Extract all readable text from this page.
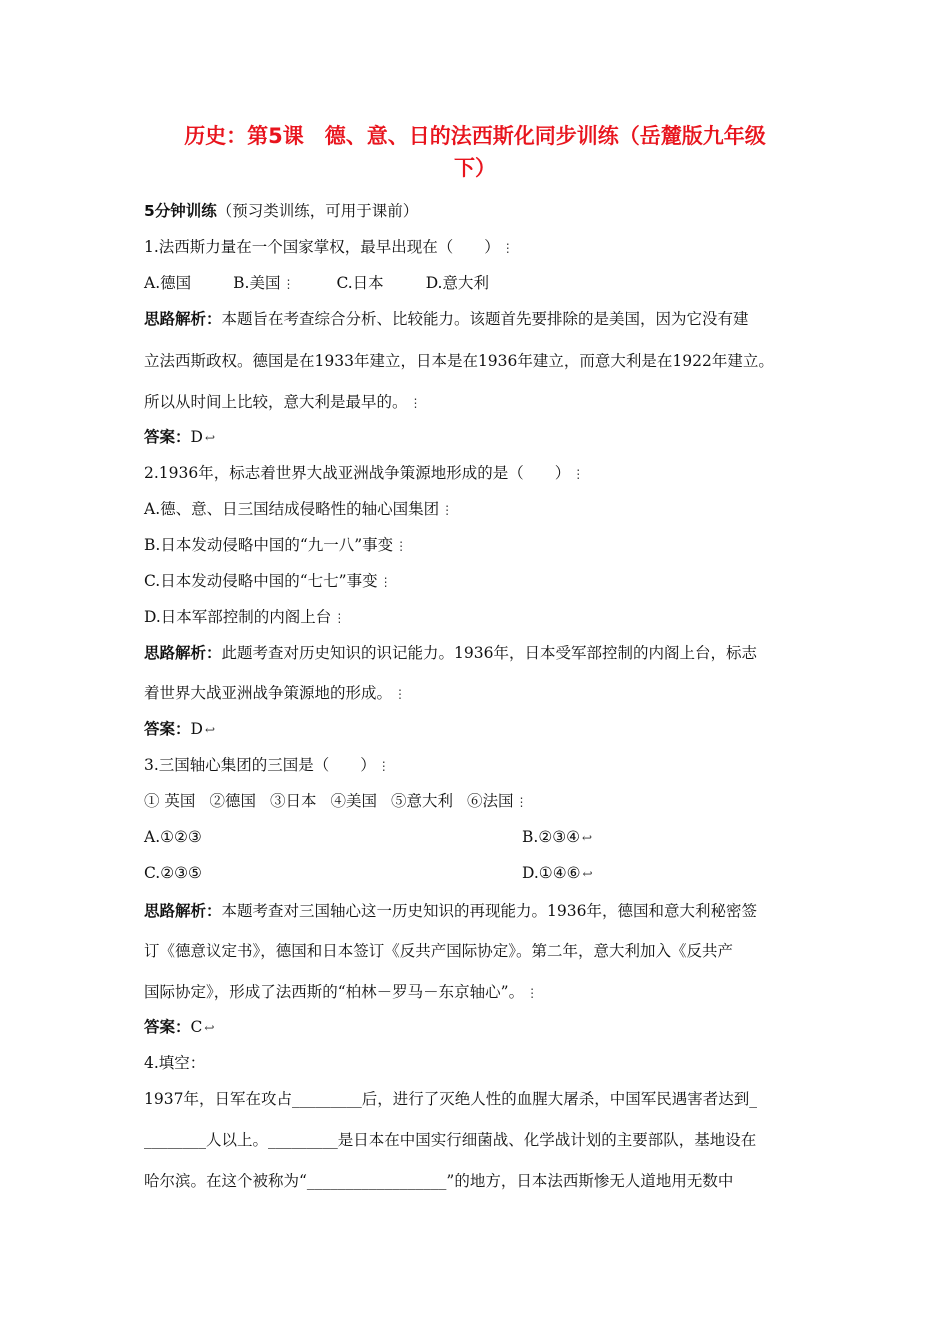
历史：第5课　德、意、日的法西斯化同步训练（岳麓版九年级
下）
5分钟训练（预习类训练，可用于课前）
1.法西斯力量在一个国家掌权，最早出现在（　　） ⋮
A.德国	B.美国 ⋮	C.日本	D.意大利
思路解析：本题旨在考查综合分析、比较能力。该题首先要排除的是美国，因为它没有建
立法西斯政权。德国是在1933年建立，日本是在1936年建立，而意大利是在1922年建立。
所以从时间上比较，意大利是最早的。 ⋮
答案：D ↩
2.1936年，标志着世界大战亚洲战争策源地形成的是（　　） ⋮
A.德、意、日三国结成侵略性的轴心国集团 ⋮
B.日本发动侵略中国的“九一八”事变 ⋮
C.日本发动侵略中国的“七七”事变 ⋮
D.日本军部控制的内阁上台 ⋮
思路解析：此题考查对历史知识的识记能力。1936年，日本受军部控制的内阁上台，标志
着世界大战亚洲战争策源地的形成。 ⋮
答案：D ↩
3.三国轴心集团的三国是（　　） ⋮
① 英国 ②德国 ③日本 ④美国 ⑤意大利 ⑥法国 ⋮
A.①②③	B.②③④ ↩
C.②③⑤	D.①④⑥ ↩
思路解析：本题考查对三国轴心这一历史知识的再现能力。1936年，德国和意大利秘密签
订《德意议定书》，德国和日本签订《反共产国际协定》。第二年，意大利加入《反共产
国际协定》，形成了法西斯的“柏林－罗马－东京轴心”。 ⋮
答案：C ↩
4.填空：
1937年，日军在攻占_________后，进行了灭绝人性的血腥大屠杀，中国军民遇害者达到_
________人以上。_________是日本在中国实行细菌战、化学战计划的主要部队，基地设在
哈尔滨。在这个被称为“__________________”的地方，日本法西斯惨无人道地用无数中
